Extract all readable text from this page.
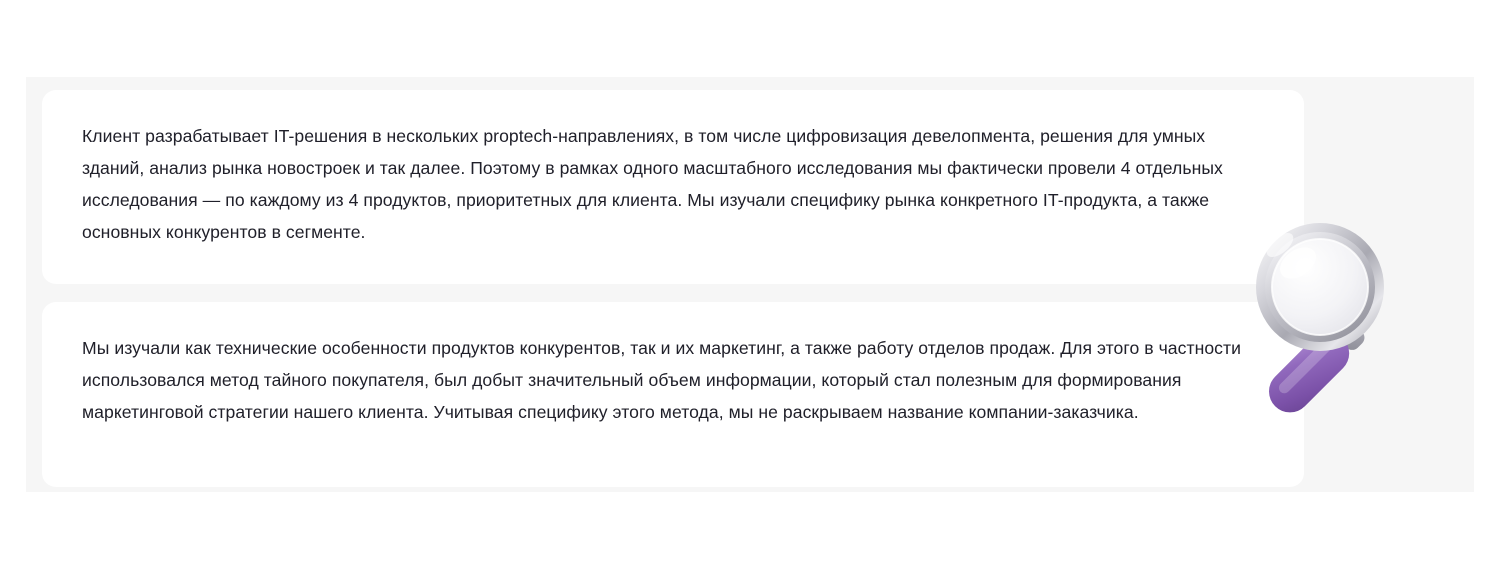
Клиент разрабатывает IT-решения в нескольких proptech-направлениях, в том числе цифровизация девелопмента, решения для умных зданий, анализ рынка новостроек и так далее. Поэтому в рамках одного масштабного исследования мы фактически провели 4 отдельных исследования — по каждому из 4 продуктов, приоритетных для клиента. Мы изучали специфику рынка конкретного IT-продукта, а также основных конкурентов в сегменте.

Мы изучали как технические особенности продуктов конкурентов, так и их маркетинг, а также работу отделов продаж. Для этого в частности использовался метод тайного покупателя, был добыт значительный объем информации, который стал полезным для формирования маркетинговой стратегии нашего клиента. Учитывая специфику этого метода, мы не раскрываем название компании-заказчика.
